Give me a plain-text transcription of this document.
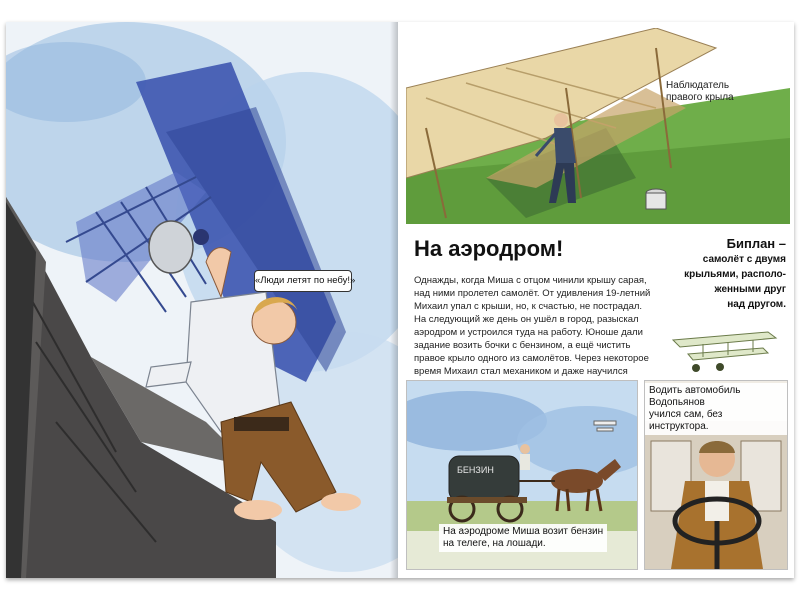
«Люди летят по небу!»
Наблюдатель
правого крыла
На аэродром!
Однажды, когда Миша с отцом чинили крышу сарая, над ними пролетел самолёт. От удивления 19-летний Михаил упал с крыши, но, к счастью, не пострадал. На следующий же день он ушёл в город, разыскал аэродром и устроился туда на работу. Юноше дали задание возить бочки с бензином, а ещё чистить правое крыло одного из самолётов. Через некоторое время Михаил стал механиком и даже научился
Биплан –
самолёт с двумя
крыльями, располо-
женными друг
над другом.
БЕНЗИН
На аэродроме Миша возит бензин
на телеге, на лошади.
Водить автомобиль Водопьянов
учился сам, без инструктора.
